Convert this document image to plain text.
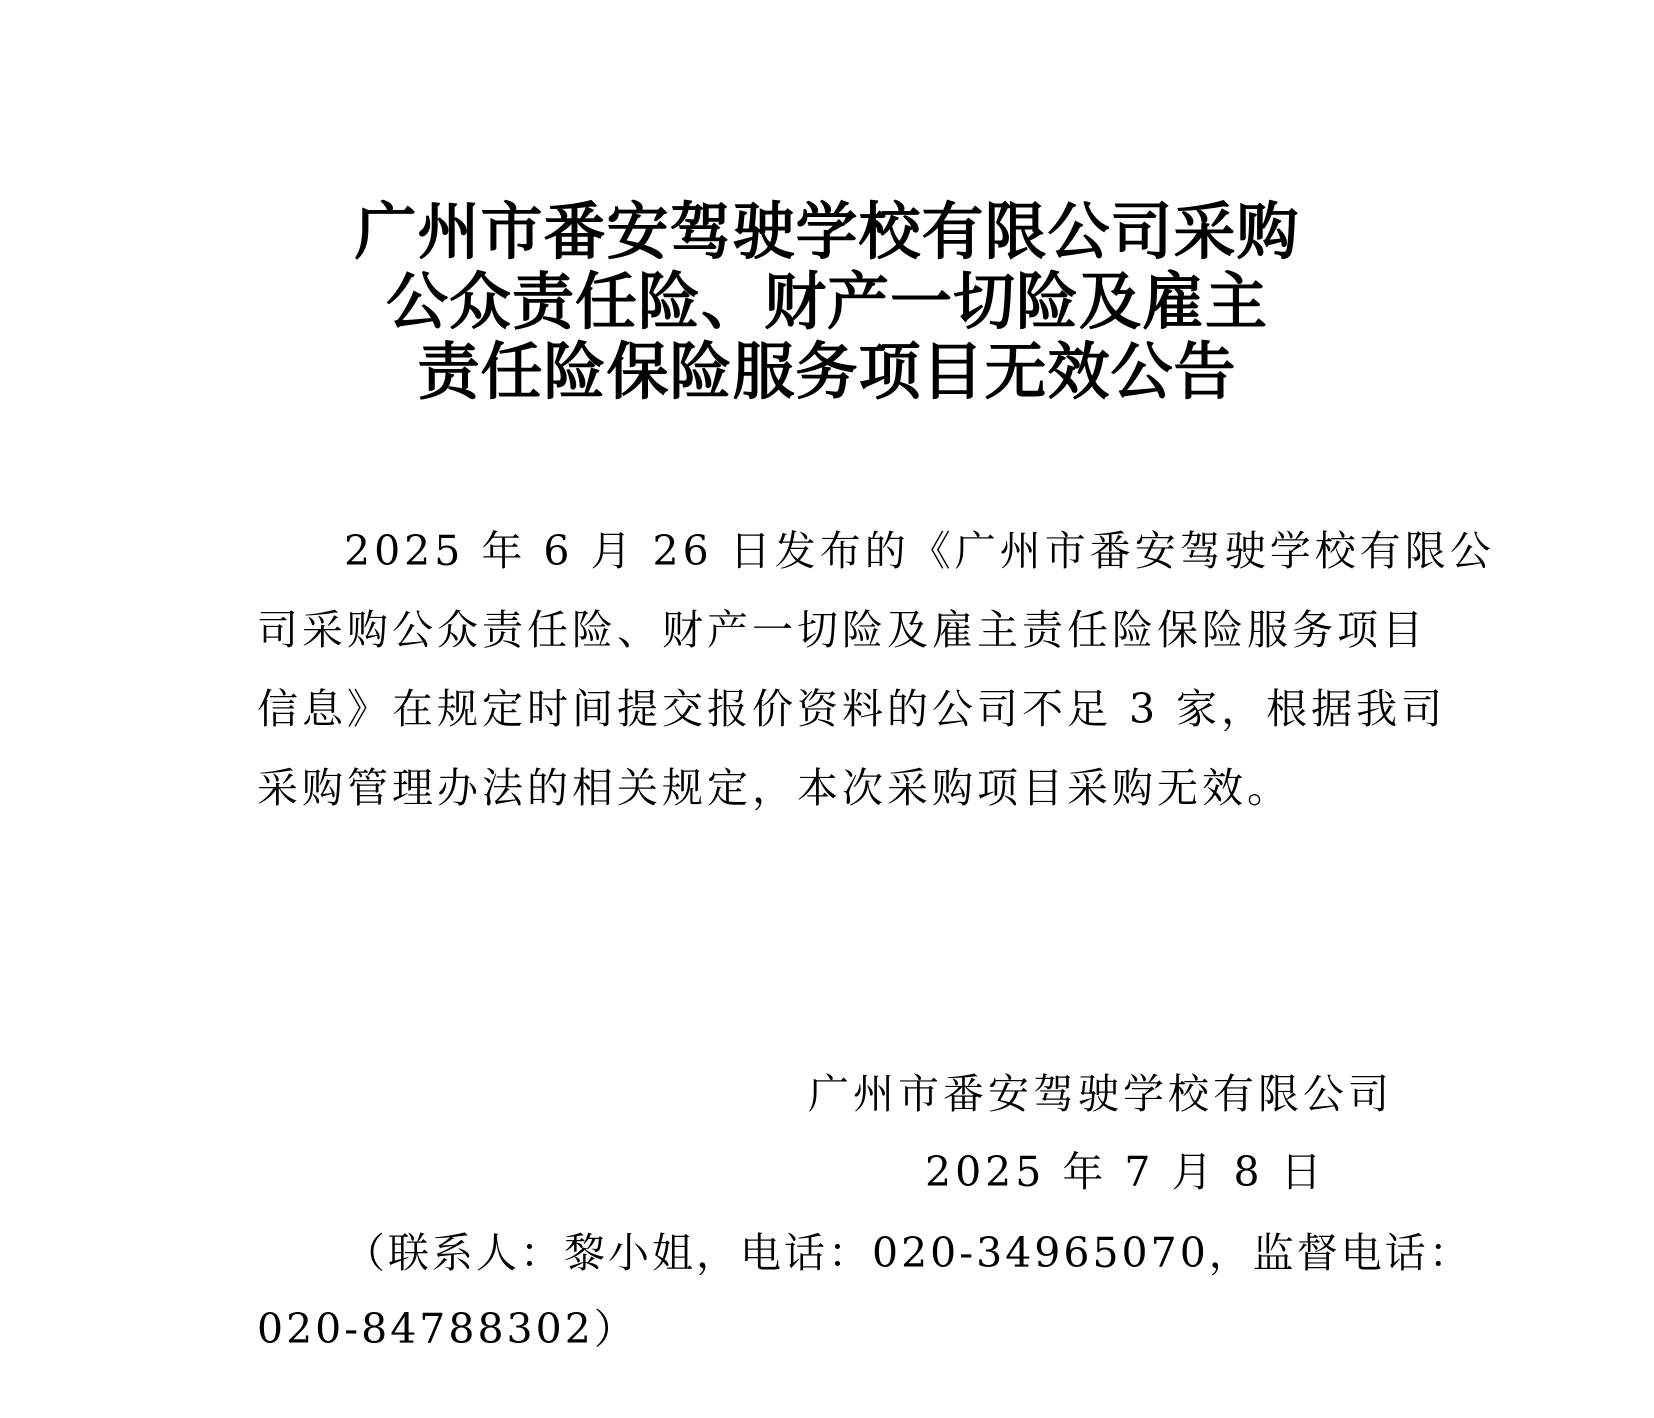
广州市番安驾驶学校有限公司采购
公众责任险、财产一切险及雇主
责任险保险服务项目无效公告
2025 年 6 月 26 日发布的《广州市番安驾驶学校有限公
司采购公众责任险、财产一切险及雇主责任险保险服务项目
信息》在规定时间提交报价资料的公司不足 3 家，根据我司
采购管理办法的相关规定，本次采购项目采购无效。
广州市番安驾驶学校有限公司
2025 年 7 月 8 日
（联系人：黎小姐，电话：020-34965070，监督电话：
020-84788302）
